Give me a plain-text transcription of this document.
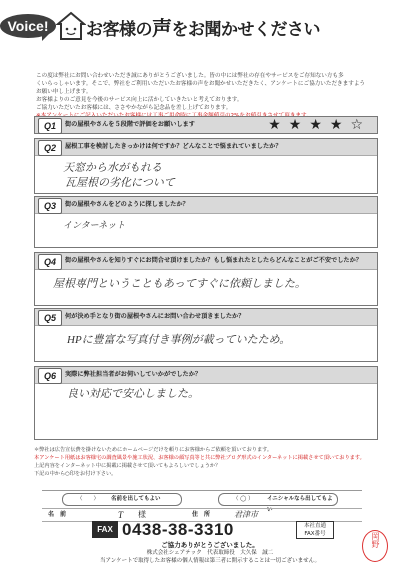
Voice!	お客様の声をお聞かせください
この度は弊社にお問い合わせいただき誠にありがとうございました。皆の中には弊社の存在やサービスをご存知ない方も多
くいらっしゃいます。そこで、弊社をご利用いただいたお客様の声をお聞かせいただきたく、アンケートにご協力いただきますようお願い申し上げます。
お客様よりのご意見を今後のサービス向上に活かしていきたいと考えております。
ご協力いただいたお客様には、ささやかながら記念品を差し上げております。
Q1	街の屋根やさんを５段階で評価をお願いします	★★★★☆
Q2	屋根工事を検討したきっかけは何ですか？どんなことで悩まれていましたか？
天窓から水がもれる
瓦屋根の劣化について
Q3	街の屋根やさんをどのように探しましたか？
インターネット
Q4	街の屋根やさんを知りすぐにお問合せ頂けましたか？もし悩まれたとしたらどんなことがご不安でしたか？
屋根専門ということもあってすぐに依頼しました。
Q5	何が決め手となり街の屋根やさんにお問い合わせ頂きましたか？
HPに豊富な写真付き事例が載っていたため。
Q6	実際に弊社担当者がお伺いしていかがでしたか？
良い対応で安心しました。
＊弊社は広告宣伝費を掛けないためにホームページだけを頼りにお客様からご依頼を頂いております。
本アンケート用紙はお客様宅の調査風景や施工状況、お客様の顔写真等と共に弊社ブログ形式のインターネットに掲載させて頂いております。
上記内容をインターネット中に掲載に掲載させて頂いてもよろしいでしょうか？
下記の中から○印をお付け下さい。
（　　） 名前を出してもよい	（ ◯ ） イニシャルなら出してもよい
名　前	T 様	住　所	君津市
FAX 0438-38-3310	本社直通
FAX番号
ご協力ありがとうございました。
株式会社シェアテック　代表取締役　大久保　誠二
当アンケートで取得したお客様の個人情報は第三者に開示することは一切ございません。
岡野
